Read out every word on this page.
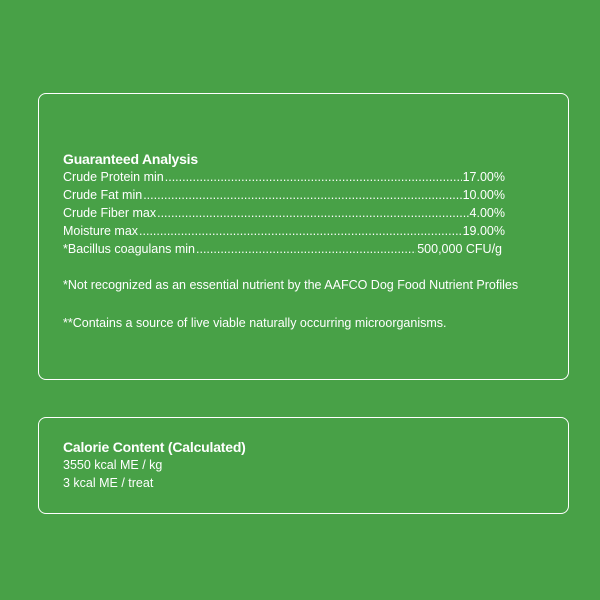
Guaranteed Analysis
Crude Protein min .....	17.00%
Crude Fat min .....	10.00%
Crude Fiber max .....	4.00%
Moisture max .....	19.00%
*Bacillus coagulans min .....	500,000 CFU/g
*Not recognized as an essential nutrient by the AAFCO Dog Food Nutrient Profiles
**Contains a source of live viable naturally occurring microorganisms.
Calorie Content (Calculated)
3550 kcal ME / kg
3 kcal ME / treat
